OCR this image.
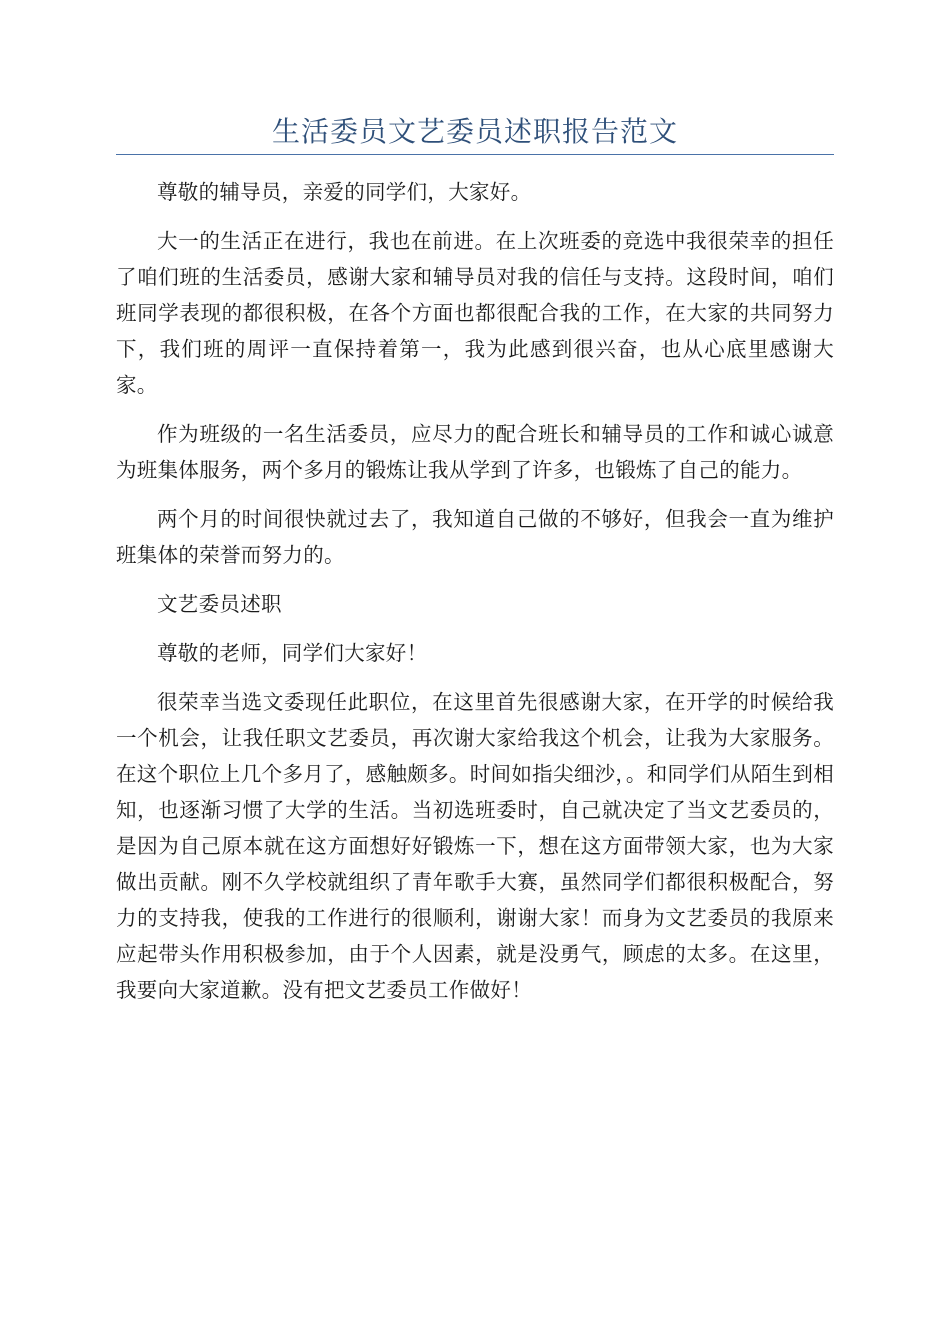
生活委员文艺委员述职报告范文

尊敬的辅导员，亲爱的同学们，大家好。

大一的生活正在进行，我也在前进。在上次班委的竞选中我很荣幸的担任了咱们班的生活委员，感谢大家和辅导员对我的信任与支持。这段时间，咱们班同学表现的都很积极，在各个方面也都很配合我的工作，在大家的共同努力下，我们班的周评一直保持着第一，我为此感到很兴奋，也从心底里感谢大家。

作为班级的一名生活委员，应尽力的配合班长和辅导员的工作和诚心诚意为班集体服务，两个多月的锻炼让我从学到了许多，也锻炼了自己的能力。

两个月的时间很快就过去了，我知道自己做的不够好，但我会一直为维护班集体的荣誉而努力的。

文艺委员述职

尊敬的老师，同学们大家好！

很荣幸当选文委现任此职位，在这里首先很感谢大家，在开学的时候给我一个机会，让我任职文艺委员，再次谢大家给我这个机会，让我为大家服务。在这个职位上几个多月了，感触颇多。时间如指尖细沙，。和同学们从陌生到相知，也逐渐习惯了大学的生活。当初选班委时，自己就决定了当文艺委员的，是因为自己原本就在这方面想好好锻炼一下，想在这方面带领大家，也为大家做出贡献。刚不久学校就组织了青年歌手大赛，虽然同学们都很积极配合，努力的支持我，使我的工作进行的很顺利，谢谢大家！而身为文艺委员的我原来应起带头作用积极参加，由于个人因素，就是没勇气，顾虑的太多。在这里，我要向大家道歉。没有把文艺委员工作做好！
